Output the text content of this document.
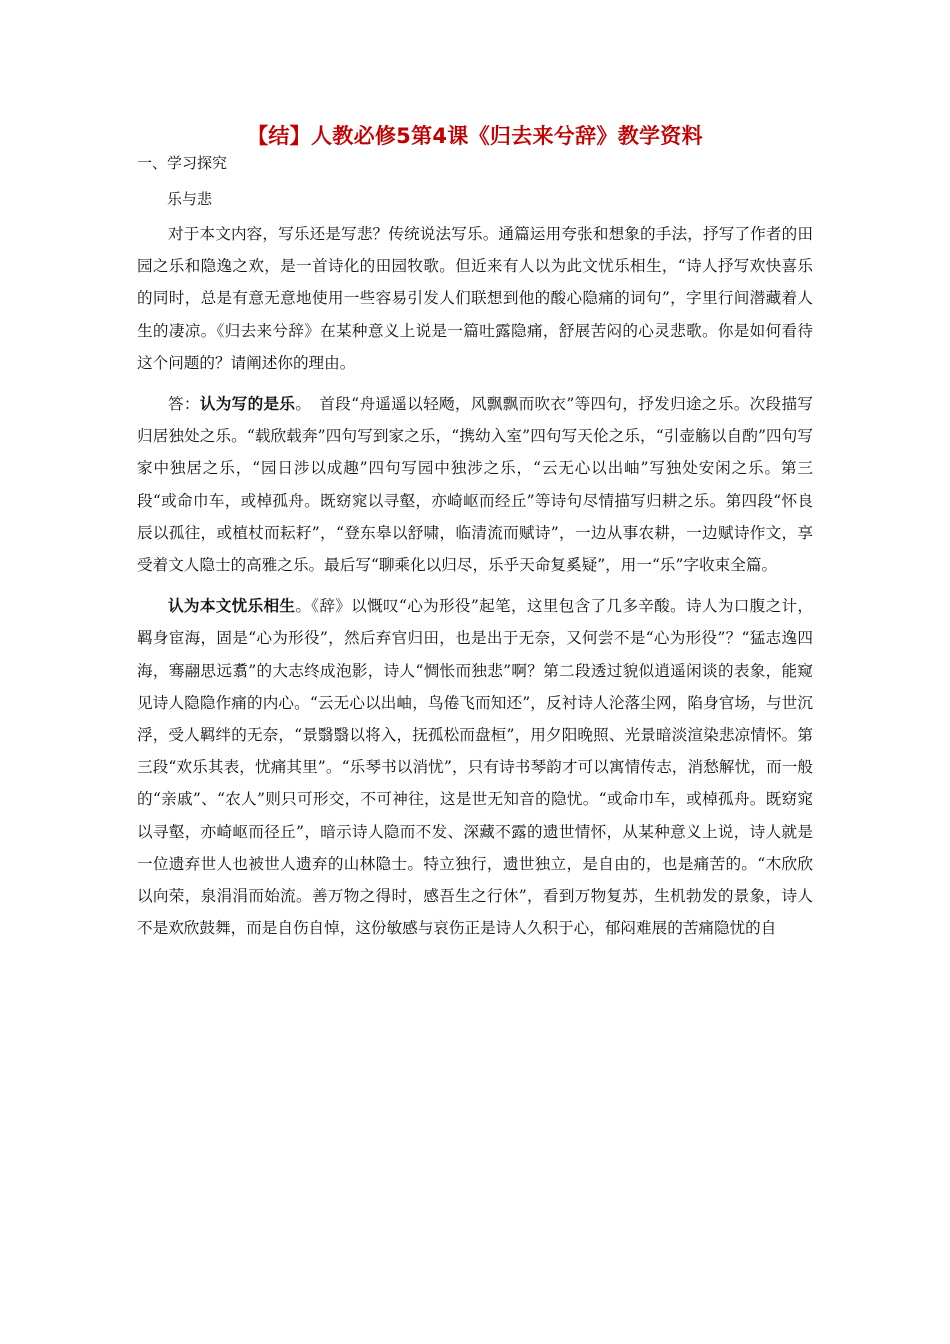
【结】人教必修5第4课《归去来兮辞》教学资料

一、学习探究

乐与悲

对于本文内容，写乐还是写悲？传统说法写乐。通篇运用夸张和想象的手法，抒写了作者的田园之乐和隐逸之欢，是一首诗化的田园牧歌。但近来有人以为此文忧乐相生，“诗人抒写欢快喜乐的同时，总是有意无意地使用一些容易引发人们联想到他的酸心隐痛的词句”，字里行间潜藏着人生的凄凉。《归去来兮辞》在某种意义上说是一篇吐露隐痛，舒展苦闷的心灵悲歌。你是如何看待这个问题的？请阐述你的理由。

答：认为写的是乐。　首段“舟遥遥以轻飏，风飘飘而吹衣”等四句，抒发归途之乐。次段描写归居独处之乐。“载欣载奔”四句写到家之乐，“携幼入室”四句写天伦之乐，“引壶觞以自酌”四句写家中独居之乐，“园日涉以成趣”四句写园中独涉之乐，“云无心以出岫”写独处安闲之乐。第三段“或命巾车，或棹孤舟。既窈窕以寻壑，亦崎岖而经丘”等诗句尽情描写归耕之乐。第四段“怀良辰以孤往，或植杖而耘耔”，“登东皋以舒啸，临清流而赋诗”，一边从事农耕，一边赋诗作文，享受着文人隐士的高雅之乐。最后写“聊乘化以归尽，乐乎天命复奚疑”，用一“乐”字收束全篇。

认为本文忧乐相生。《辞》以慨叹“心为形役”起笔，这里包含了几多辛酸。诗人为口腹之计，羁身宦海，固是“心为形役”，然后弃官归田，也是出于无奈，又何尝不是“心为形役”？“猛志逸四海，骞翮思远翥”的大志终成泡影，诗人“惆怅而独悲”啊？第二段透过貌似逍遥闲谈的表象，能窥见诗人隐隐作痛的内心。“云无心以出岫，鸟倦飞而知还”，反衬诗人沦落尘网，陷身官场，与世沉浮，受人羁绊的无奈，“景翳翳以将入，抚孤松而盘桓”，用夕阳晚照、光景暗淡渲染悲凉情怀。第三段“欢乐其表，忧痛其里”。“乐琴书以消忧”，只有诗书琴韵才可以寓情传志，消愁解忧，而一般的“亲戚”、“农人”则只可形交，不可神往，这是世无知音的隐忧。“或命巾车，或棹孤舟。既窈窕以寻壑，亦崎岖而径丘”，暗示诗人隐而不发、深藏不露的遗世情怀，从某种意义上说，诗人就是一位遗弃世人也被世人遗弃的山林隐士。特立独行，遗世独立，是自由的，也是痛苦的。“木欣欣以向荣，泉涓涓而始流。善万物之得时，感吾生之行休”，看到万物复苏，生机勃发的景象，诗人不是欢欣鼓舞，而是自伤自悼，这份敏感与哀伤正是诗人久积于心，郁闷难展的苦痛隐忧的自
